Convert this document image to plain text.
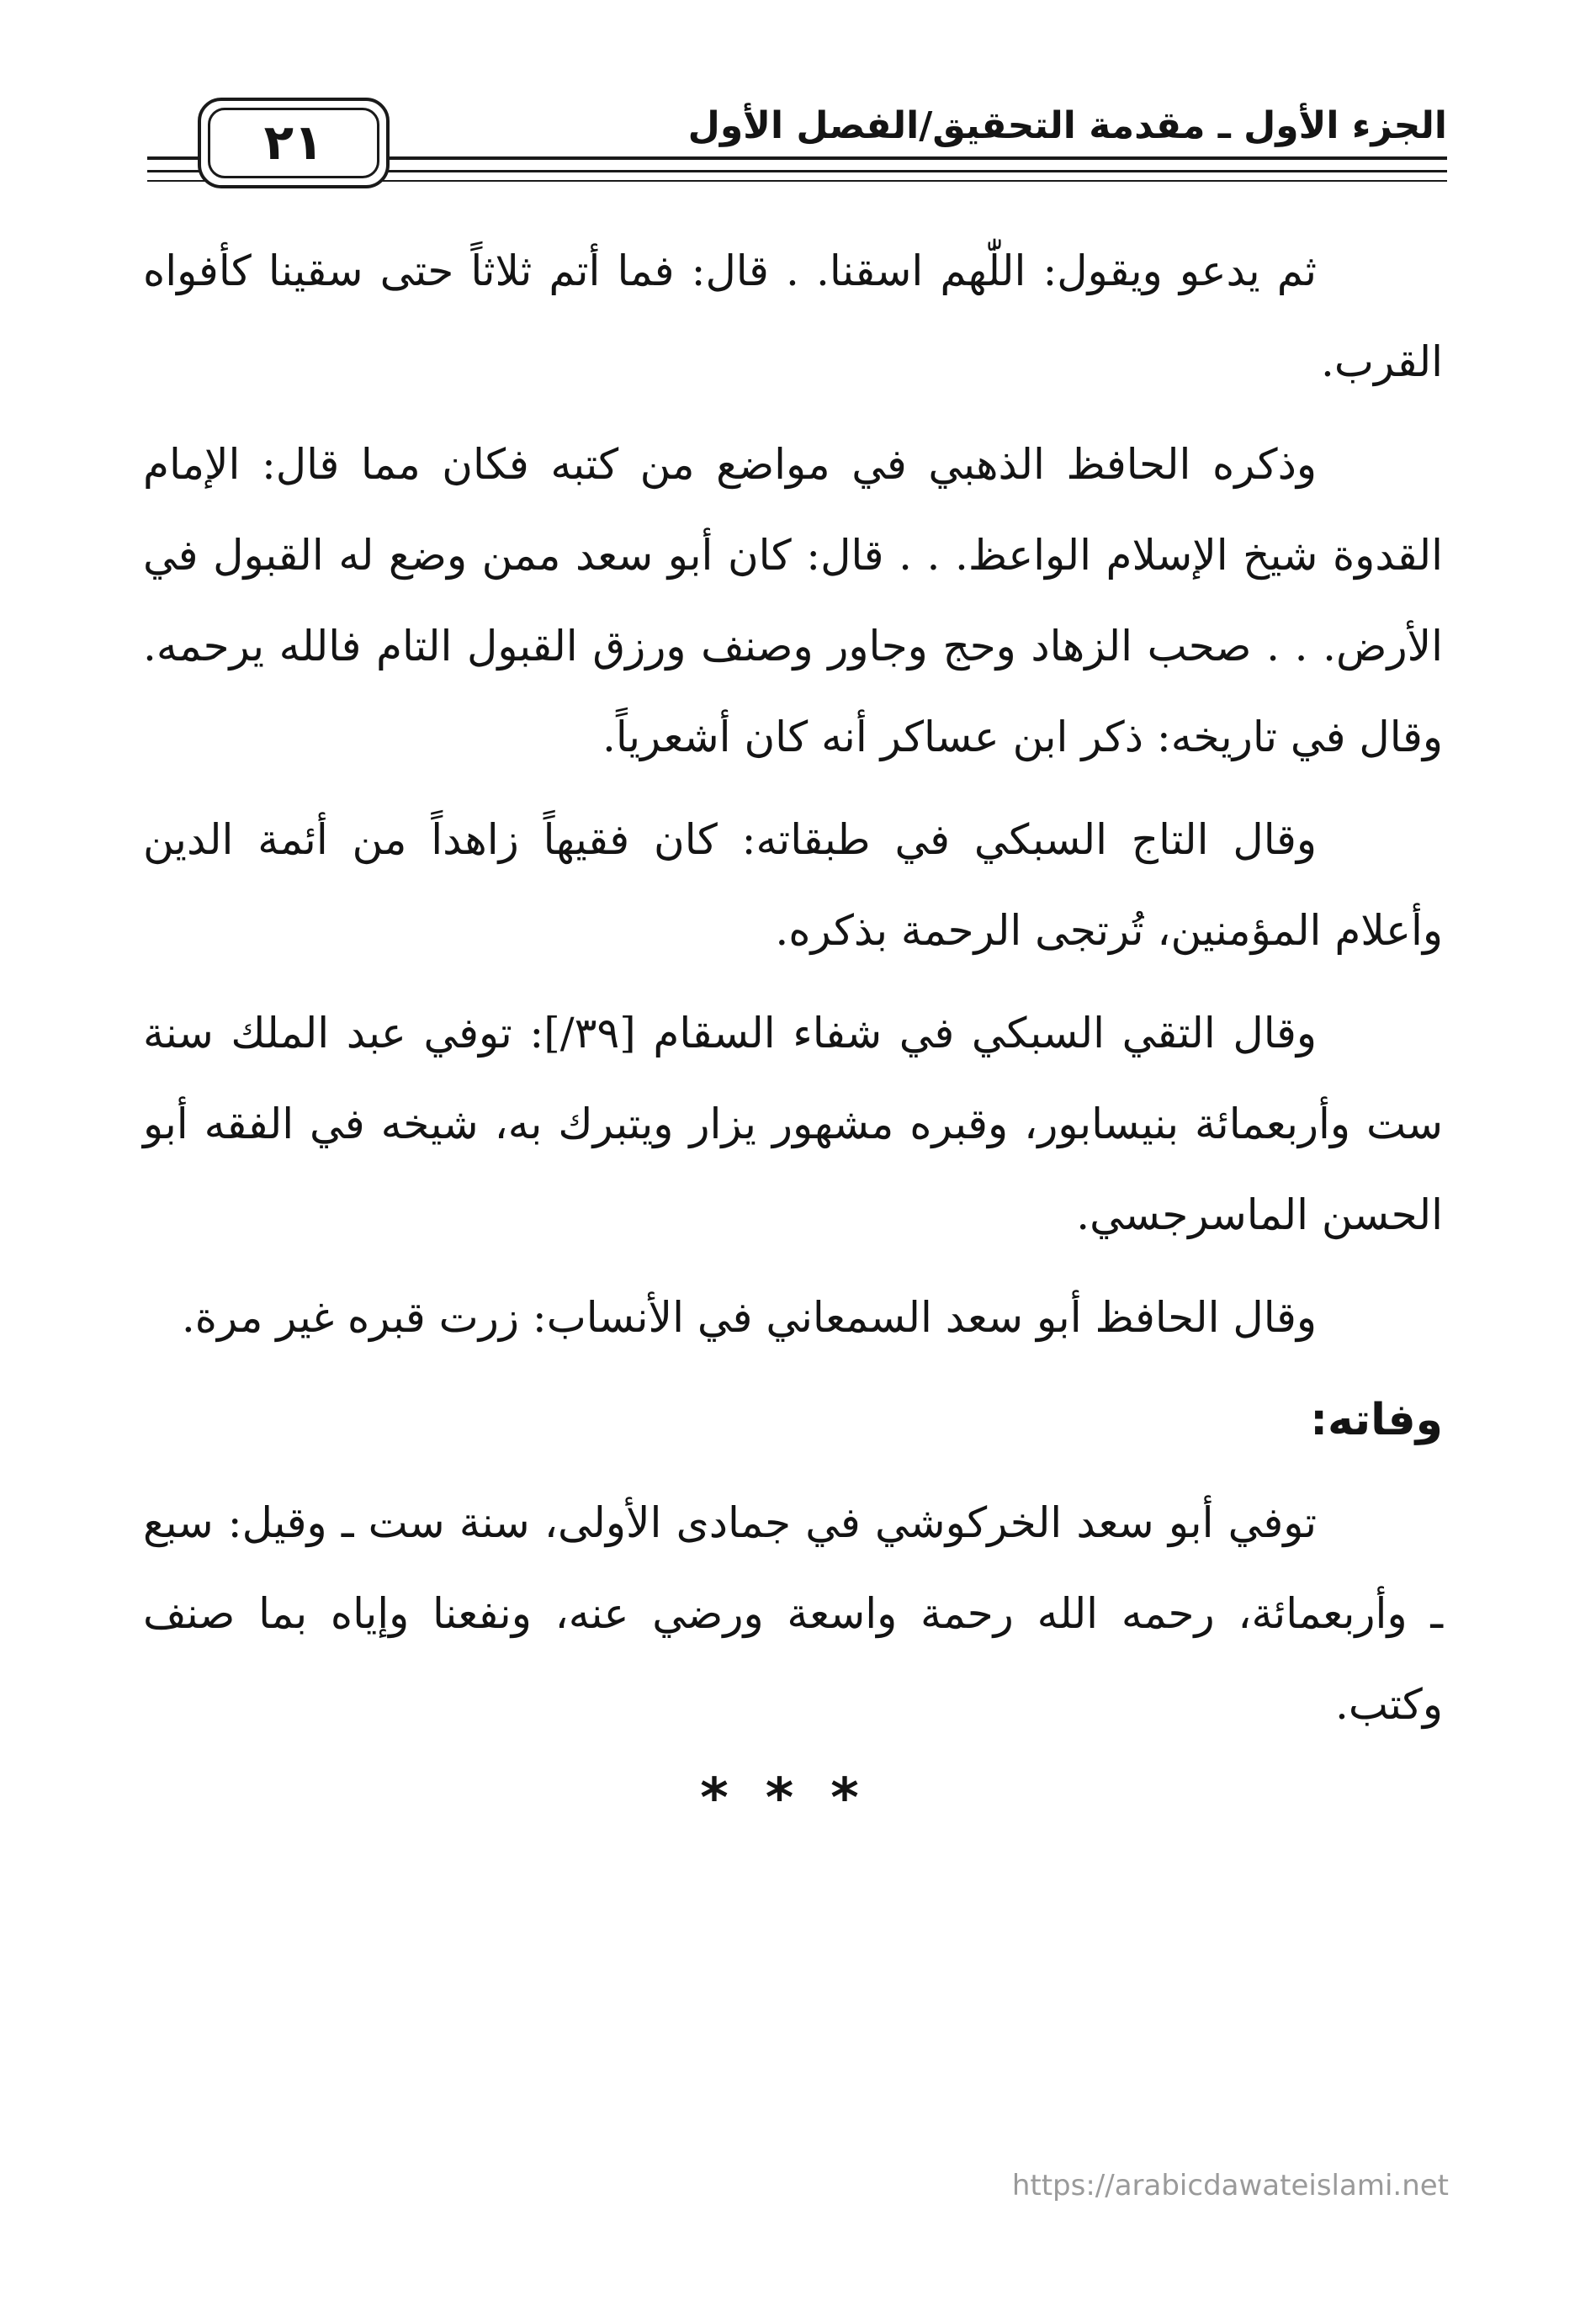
الجزء الأول ـ مقدمة التحقيق/الفصل الأول
٢١

ثم يدعو ويقول: اللّٰهم اسقنا. . قال: فما أتم ثلاثاً حتى سقينا كأفواه القرب.

وذكره الحافظ الذهبي في مواضع من كتبه فكان مما قال: الإمام القدوة شيخ الإسلام الواعظ. . . قال: كان أبو سعد ممن وضع له القبول في الأرض. . . صحب الزهاد وحج وجاور وصنف ورزق القبول التام فالله يرحمه. وقال في تاريخه: ذكر ابن عساكر أنه كان أشعرياً.

وقال التاج السبكي في طبقاته: كان فقيهاً زاهداً من أئمة الدين وأعلام المؤمنين، تُرتجى الرحمة بذكره.

وقال التقي السبكي في شفاء السقام [٣٩/]: توفي عبد الملك سنة ست وأربعمائة بنيسابور، وقبره مشهور يزار ويتبرك به، شيخه في الفقه أبو الحسن الماسرجسي.

وقال الحافظ أبو سعد السمعاني في الأنساب: زرت قبره غير مرة.

وفاته:

توفي أبو سعد الخركوشي في جمادى الأولى، سنة ست ـ وقيل: سبع ـ وأربعمائة، رحمه الله رحمة واسعة ورضي عنه، ونفعنا وإياه بما صنف وكتب.

***
https://arabicdawateislami.net
